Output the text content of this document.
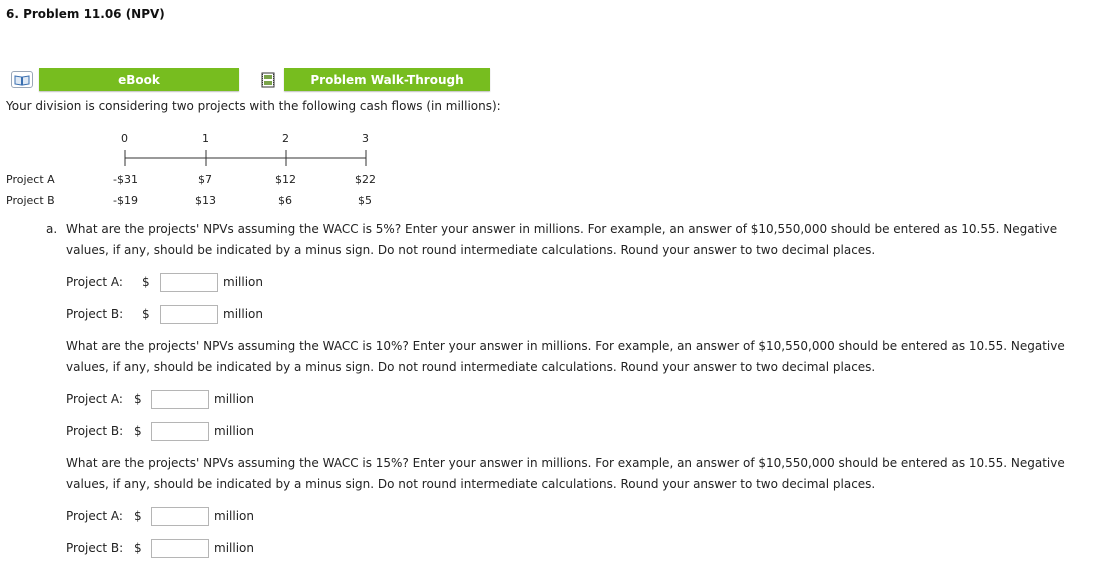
6. Problem 11.06 (NPV)
eBook	Problem Walk-Through
Your division is considering two projects with the following cash flows (in millions):
0	1	2	3
Project A	-$31	$7	$12	$22
Project B	-$19	$13	$6	$5
a. What are the projects' NPVs assuming the WACC is 5%? Enter your answer in millions. For example, an answer of $10,550,000 should be entered as 10.55. Negative values, if any, should be indicated by a minus sign. Do not round intermediate calculations. Round your answer to two decimal places.
Project A: $	million
Project B: $	million
What are the projects' NPVs assuming the WACC is 10%? Enter your answer in millions. For example, an answer of $10,550,000 should be entered as 10.55. Negative values, if any, should be indicated by a minus sign. Do not round intermediate calculations. Round your answer to two decimal places.
Project A: $	million
Project B: $	million
What are the projects' NPVs assuming the WACC is 15%? Enter your answer in millions. For example, an answer of $10,550,000 should be entered as 10.55. Negative values, if any, should be indicated by a minus sign. Do not round intermediate calculations. Round your answer to two decimal places.
Project A: $	million
Project B: $	million
